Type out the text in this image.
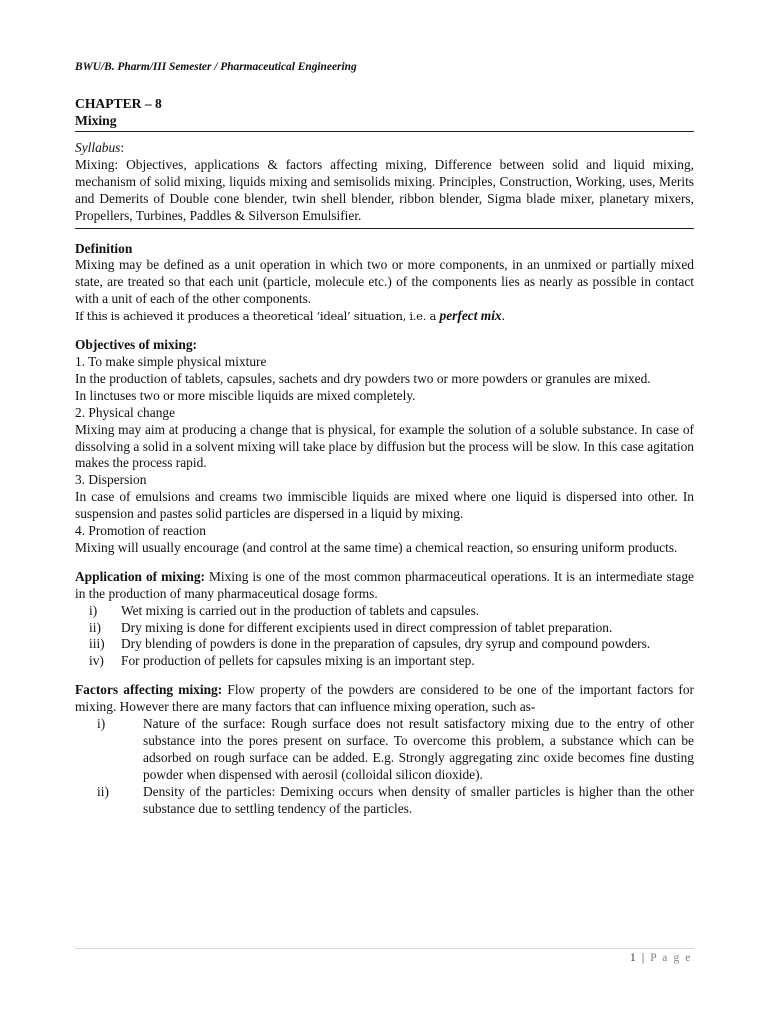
BWU/B. Pharm/III Semester / Pharmaceutical Engineering
CHAPTER – 8
Mixing
Syllabus:

Mixing: Objectives, applications & factors affecting mixing, Difference between solid and liquid mixing, mechanism of solid mixing, liquids mixing and semisolids mixing. Principles, Construction, Working, uses, Merits and Demerits of Double cone blender, twin shell blender, ribbon blender, Sigma blade mixer, planetary mixers, Propellers, Turbines, Paddles & Silverson Emulsifier.

Definition

Mixing may be defined as a unit operation in which two or more components, in an unmixed or partially mixed state, are treated so that each unit (particle, molecule etc.) of the components lies as nearly as possible in contact with a unit of each of the other components.

If this is achieved it produces a theoretical ‘ideal’ situation, i.e. a perfect mix.

Objectives of mixing:

1. To make simple physical mixture

In the production of tablets, capsules, sachets and dry powders two or more powders or granules are mixed.

In linctuses two or more miscible liquids are mixed completely.

2. Physical change

Mixing may aim at producing a change that is physical, for example the solution of a soluble substance. In case of dissolving a solid in a solvent mixing will take place by diffusion but the process will be slow. In this case agitation makes the process rapid.

3. Dispersion

In case of emulsions and creams two immiscible liquids are mixed where one liquid is dispersed into other. In suspension and pastes solid particles are dispersed in a liquid by mixing.

4. Promotion of reaction

Mixing will usually encourage (and control at the same time) a chemical reaction, so ensuring uniform products.

Application of mixing: Mixing is one of the most common pharmaceutical operations. It is an intermediate stage in the production of many pharmaceutical dosage forms.

i) Wet mixing is carried out in the production of tablets and capsules.
ii) Dry mixing is done for different excipients used in direct compression of tablet preparation.
iii) Dry blending of powders is done in the preparation of capsules, dry syrup and compound powders.
iv) For production of pellets for capsules mixing is an important step.

Factors affecting mixing: Flow property of the powders are considered to be one of the important factors for mixing. However there are many factors that can influence mixing operation, such as-

i)	Nature of the surface: Rough surface does not result satisfactory mixing due to the entry of other substance into the pores present on surface. To overcome this problem, a substance which can be adsorbed on rough surface can be added. E.g. Strongly aggregating zinc oxide becomes fine dusting powder when dispensed with aerosil (colloidal silicon dioxide).
ii)	Density of the particles: Demixing occurs when density of smaller particles is higher than the other substance due to settling tendency of the particles.
1 | P a g e
